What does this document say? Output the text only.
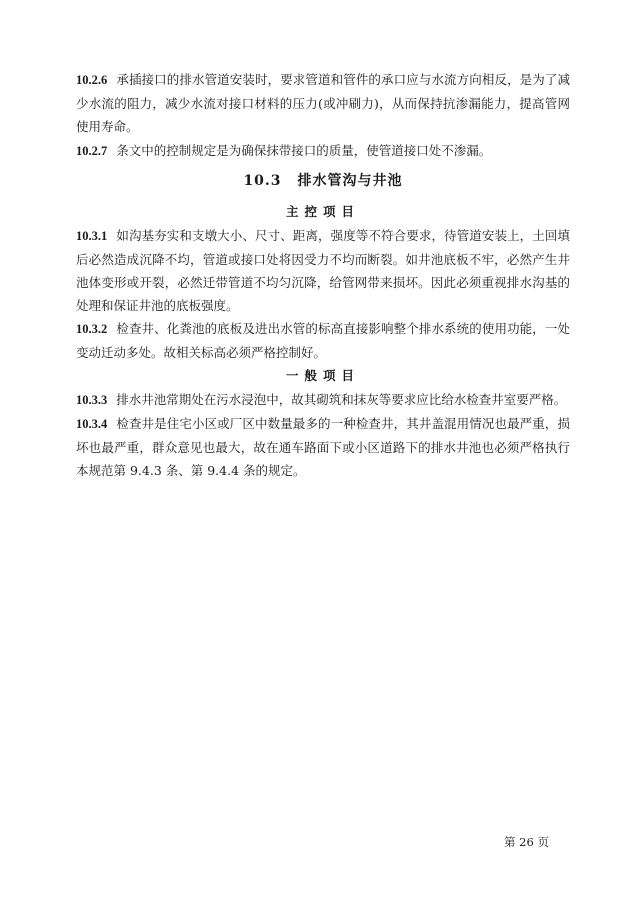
10.2.6 承插接口的排水管道安装时，要求管道和管件的承口应与水流方向相反，是为了减少水流的阻力，减少水流对接口材料的压力(或冲刷力)，从而保持抗渗漏能力，提高管网使用寿命。

10.2.7 条文中的控制规定是为确保抹带接口的质量，使管道接口处不渗漏。

10.3 排水管沟与井池
主控项目

10.3.1 如沟基夯实和支墩大小、尺寸、距离，强度等不符合要求，待管道安装上，土回填后必然造成沉降不均，管道或接口处将因受力不均而断裂。如井池底板不牢，必然产生井池体变形或开裂，必然迁带管道不均匀沉降，给管网带来损坏。因此必须重视排水沟基的处理和保证井池的底板强度。

10.3.2 检查井、化粪池的底板及进出水管的标高直接影响整个排水系统的使用功能，一处变动迁动多处。故相关标高必须严格控制好。

一般项目

10.3.3 排水井池常期处在污水浸泡中，故其砌筑和抹灰等要求应比给水检查井室要严格。

10.3.4 检查井是住宅小区或厂区中数量最多的一种检查井，其井盖混用情况也最严重，损坏也最严重，群众意见也最大，故在通车路面下或小区道路下的排水井池也必须严格执行本规范第 9.4.3 条、第 9.4.4 条的规定。

第 26 页
